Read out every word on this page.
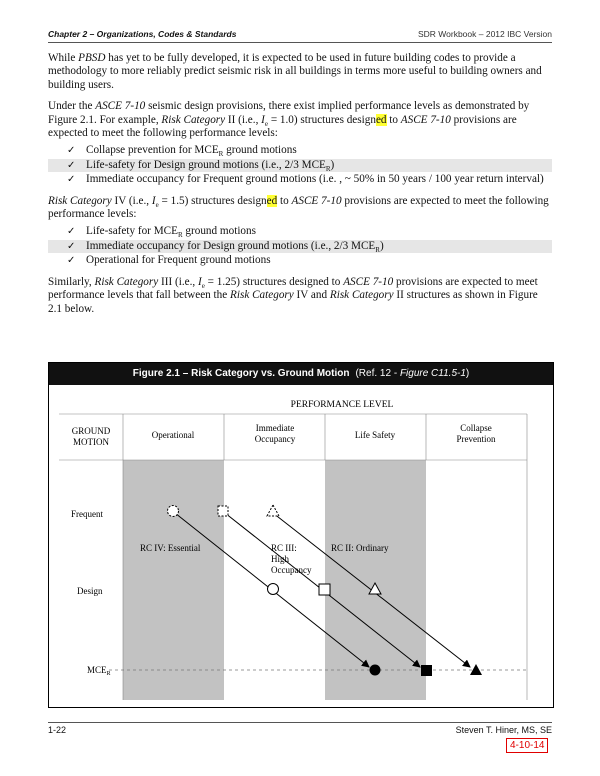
Chapter 2 – Organizations, Codes & Standards	SDR Workbook – 2012 IBC Version

While PBSD has yet to be fully developed, it is expected to be used in future building codes to provide a methodology to more reliably predict seismic risk in all buildings in terms more useful to building owners and building users.

Under the ASCE 7-10 seismic design provisions, there exist implied performance levels as demonstrated by Figure 2.1. For example, Risk Category II (i.e., $I_e = 1.0$) structures designed to ASCE 7-10 provisions are expected to meet the following performance levels:

✓ Collapse prevention for $MCE_R$ ground motions
✓ Life-safety for Design ground motions (i.e., 2/3 $MCE_R$)
✓ Immediate occupancy for Frequent ground motions (i.e. , ~ 50% in 50 years / 100 year return interval)

Risk Category IV (i.e., $I_e = 1.5$) structures designed to ASCE 7-10 provisions are expected to meet the following performance levels:

✓ Life-safety for $MCE_R$ ground motions
✓ Immediate occupancy for Design ground motions (i.e., 2/3 $MCE_R$)
✓ Operational for Frequent ground motions

Similarly, Risk Category III (i.e., $I_e = 1.25$) structures designed to ASCE 7-10 provisions are expected to meet performance levels that fall between the Risk Category IV and Risk Category II structures as shown in Figure 2.1 below.

Figure 2.1 – Risk Category vs. Ground Motion (Ref. 12 - Figure C11.5-1)
PERFORMANCE LEVEL
GROUND
MOTION
Operational
Immediate
Occupancy	Life Safety
Collapse
Prevention
Frequent
Design
$MCE_R$
RC IV: Essential	RC III:
High
Occupancy
RC II: Ordinary
1-22	Steven T. Hiner, MS, SE
4-10-14
